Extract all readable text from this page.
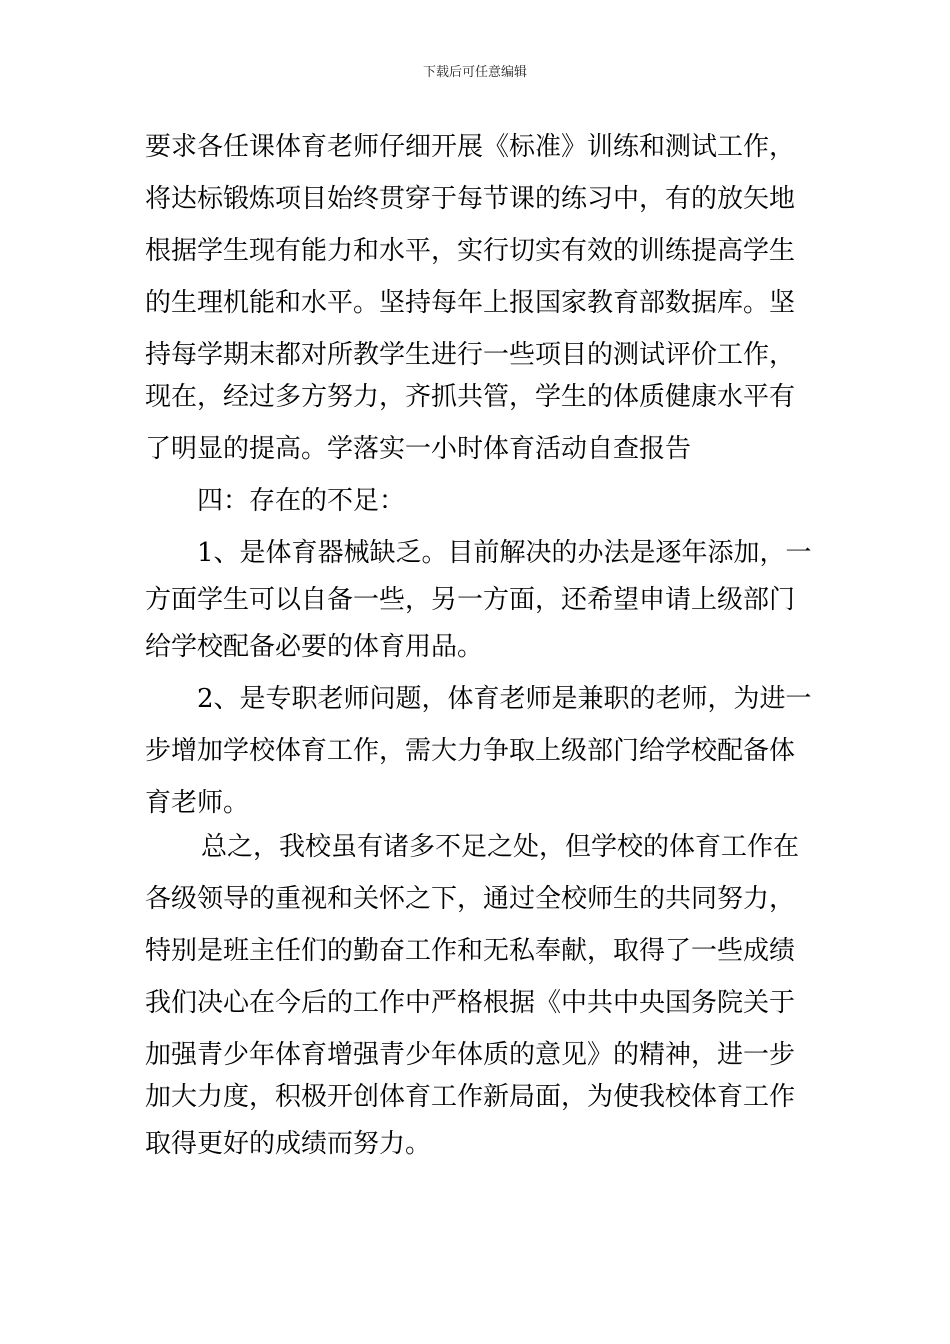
下载后可任意编辑
要求各任课体育老师仔细开展《标准》训练和测试工作，
将达标锻炼项目始终贯穿于每节课的练习中，有的放矢地
根据学生现有能力和水平，实行切实有效的训练提高学生
的生理机能和水平。坚持每年上报国家教育部数据库。坚
持每学期末都对所教学生进行一些项目的测试评价工作，
现在，经过多方努力，齐抓共管，学生的体质健康水平有
了明显的提高。学落实一小时体育活动自查报告
四：存在的不足：
1、是体育器械缺乏。目前解决的办法是逐年添加，一
方面学生可以自备一些，另一方面，还希望申请上级部门
给学校配备必要的体育用品。
2、是专职老师问题，体育老师是兼职的老师，为进一
步增加学校体育工作，需大力争取上级部门给学校配备体
育老师。
总之，我校虽有诸多不足之处，但学校的体育工作在
各级领导的重视和关怀之下，通过全校师生的共同努力，
特别是班主任们的勤奋工作和无私奉献，取得了一些成绩
我们决心在今后的工作中严格根据《中共中央国务院关于
加强青少年体育增强青少年体质的意见》的精神，进一步
加大力度，积极开创体育工作新局面，为使我校体育工作
取得更好的成绩而努力。
